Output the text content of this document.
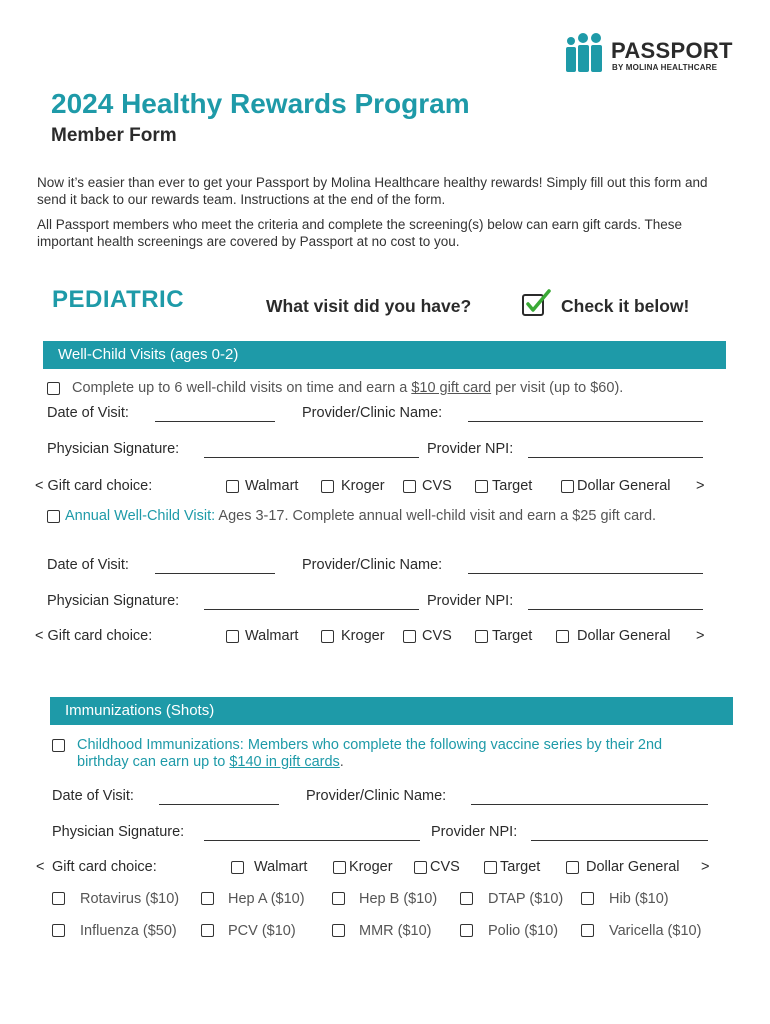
PASSPORT
BY MOLINA HEALTHCARE
2024 Healthy Rewards Program
Member Form

Now it’s easier than ever to get your Passport by Molina Healthcare healthy rewards! Simply fill out this form and send it back to our rewards team. Instructions at the end of the form.

All Passport members who meet the criteria and complete the screening(s) below can earn gift cards. These important health screenings are covered by Passport at no cost to you.

PEDIATRIC	What visit did you have?	Check it below!
Well-Child Visits (ages 0-2)
Complete up to 6 well-child visits on time and earn a $10 gift card per visit (up to $60).
Date of Visit:	Provider/Clinic Name:
Physician Signature:	Provider NPI:
< Gift card choice:	Walmart	Kroger	CVS	Target	Dollar General >
Annual Well-Child Visit: Ages 3-17. Complete annual well-child visit and earn a $25 gift card.
Date of Visit:	Provider/Clinic Name:
Physician Signature:	Provider NPI:
< Gift card choice:	Walmart	Kroger	CVS	Target	Dollar General >
Immunizations (Shots)
Childhood Immunizations: Members who complete the following vaccine series by their 2nd
birthday can earn up to $140 in gift cards.
Date of Visit:	Provider/Clinic Name:
Physician Signature:	Provider NPI:
< Gift card choice:	Walmart	Kroger	CVS	Target	Dollar General >
Rotavirus ($10)	Hep A ($10)	Hep B ($10)	DTAP ($10)	Hib ($10)
Influenza ($50)	PCV ($10)	MMR ($10)	Polio ($10)	Varicella ($10)
